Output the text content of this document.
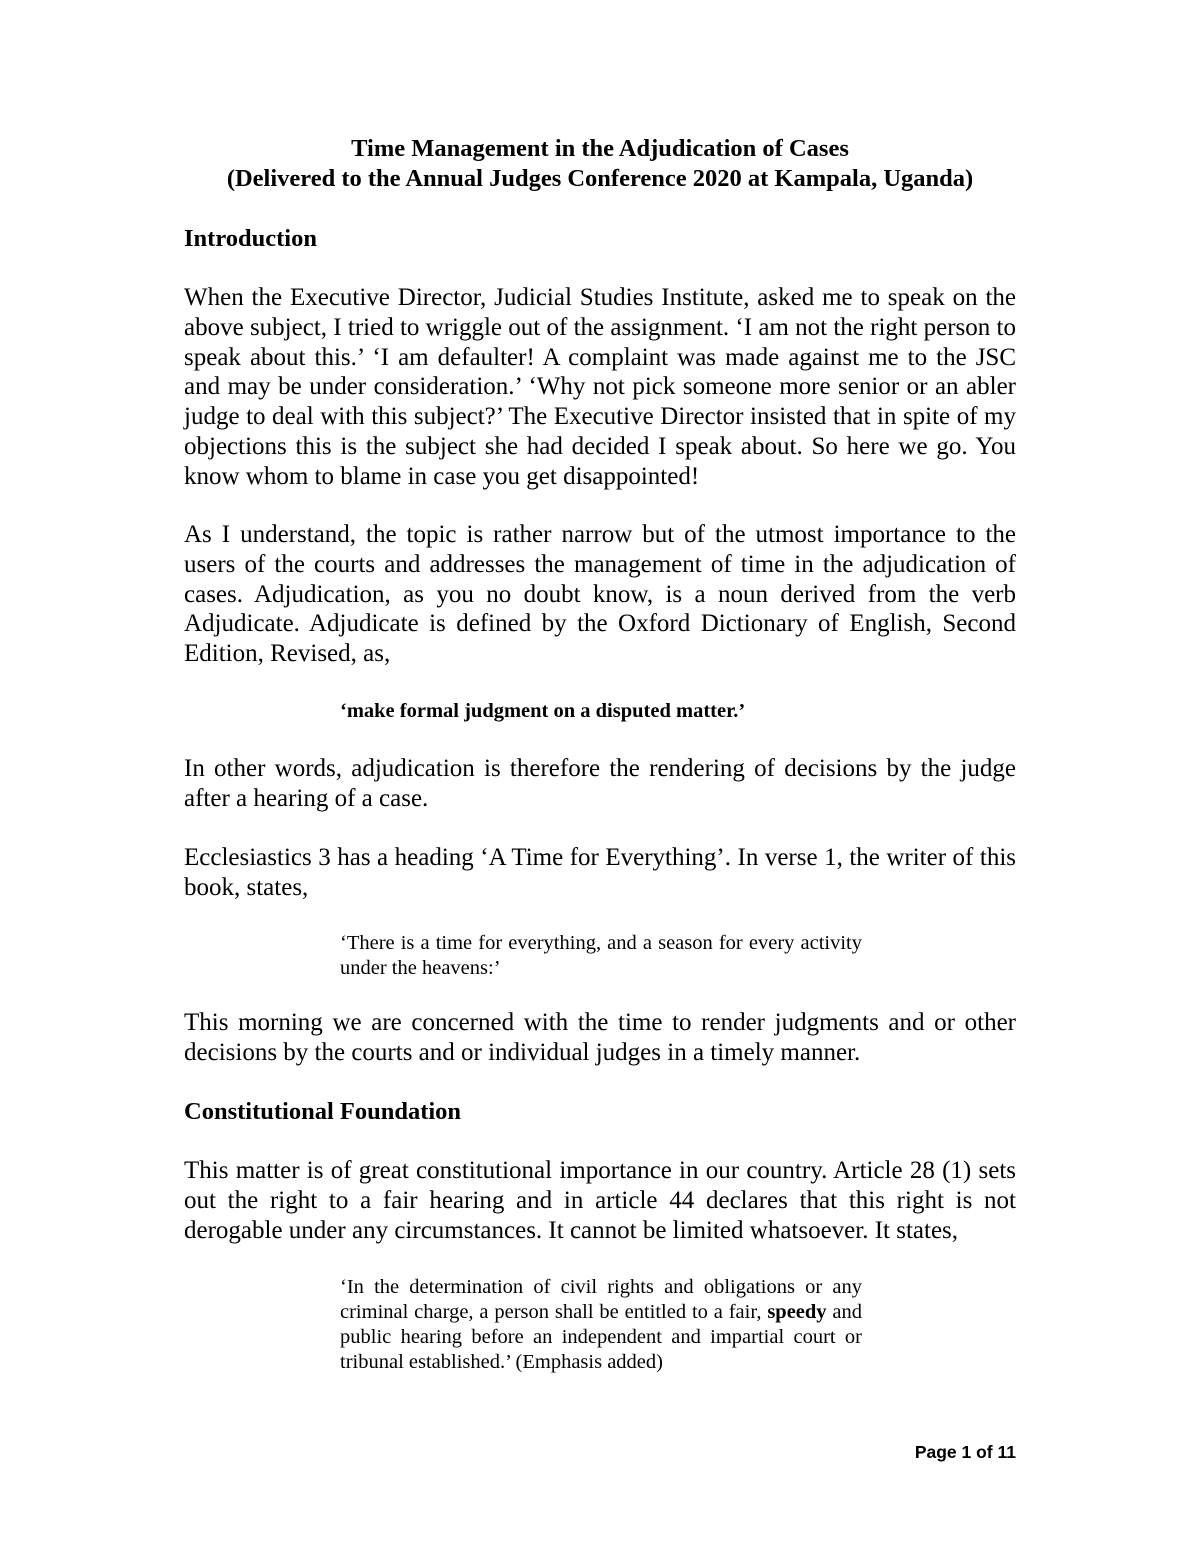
Time Management in the Adjudication of Cases
(Delivered to the Annual Judges Conference 2020 at Kampala, Uganda)
Introduction

When the Executive Director, Judicial Studies Institute, asked me to speak on the above subject, I tried to wriggle out of the assignment. ‘I am not the right person to speak about this.’ ‘I am defaulter! A complaint was made against me to the JSC and may be under consideration.’ ‘Why not pick someone more senior or an abler judge to deal with this subject?’ The Executive Director insisted that in spite of my objections this is the subject she had decided I speak about. So here we go. You know whom to blame in case you get disappointed!

As I understand, the topic is rather narrow but of the utmost importance to the users of the courts and addresses the management of time in the adjudication of cases. Adjudication, as you no doubt know, is a noun derived from the verb Adjudicate. Adjudicate is defined by the Oxford Dictionary of English, Second Edition, Revised, as,

‘make formal judgment on a disputed matter.’

In other words, adjudication is therefore the rendering of decisions by the judge after a hearing of a case.

Ecclesiastics 3 has a heading ‘A Time for Everything’. In verse 1, the writer of this book, states,

‘There is a time for everything, and a season for every activity under the heavens:’

This morning we are concerned with the time to render judgments and or other decisions by the courts and or individual judges in a timely manner.

Constitutional Foundation

This matter is of great constitutional importance in our country. Article 28 (1) sets out the right to a fair hearing and in article 44 declares that this right is not derogable under any circumstances. It cannot be limited whatsoever. It states,

‘In the determination of civil rights and obligations or any criminal charge, a person shall be entitled to a fair, speedy and public hearing before an independent and impartial court or tribunal established.’ (Emphasis added)

Page 1 of 11
